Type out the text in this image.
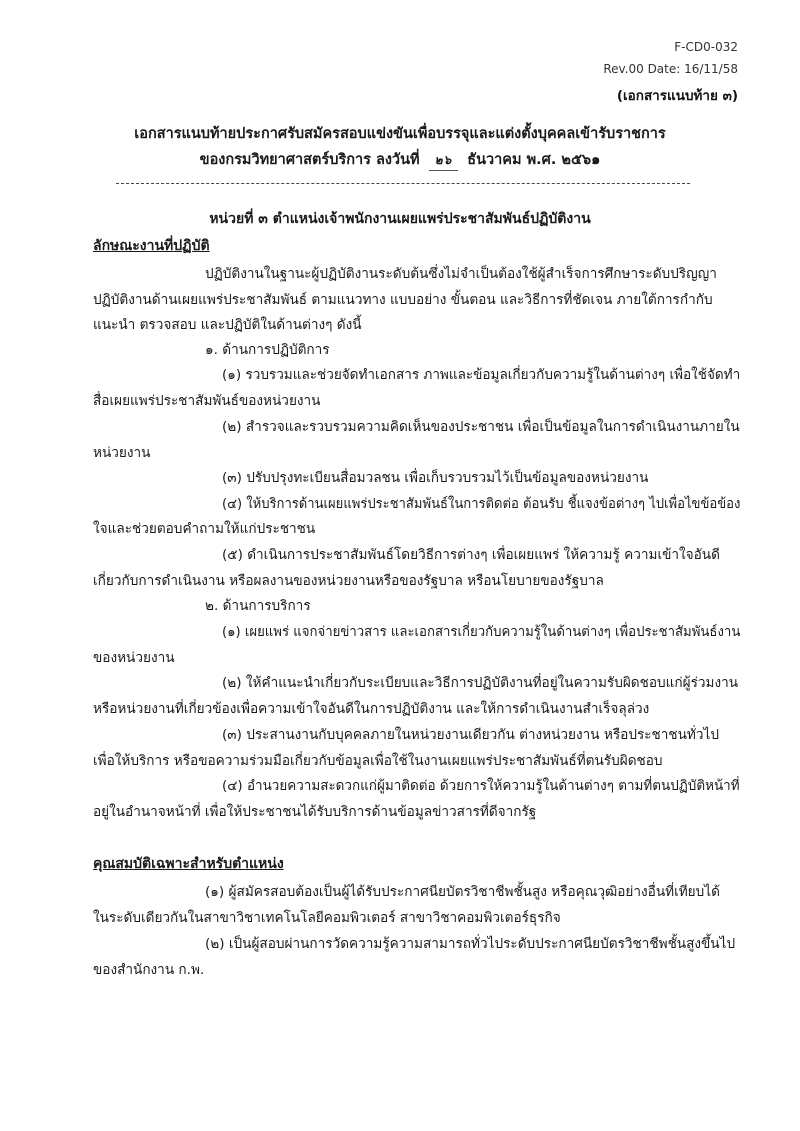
F-CD0-032
Rev.00 Date: 16/11/58
(เอกสารแนบท้าย ๓)
เอกสารแนบท้ายประกาศรับสมัครสอบแข่งขันเพื่อบรรจุและแต่งตั้งบุคคลเข้ารับราชการ
ของกรมวิทยาศาสตร์บริการ ลงวันที่ ๒๖ ธันวาคม พ.ศ. ๒๕๖๑
หน่วยที่ ๓ ตำแหน่งเจ้าพนักงานเผยแพร่ประชาสัมพันธ์ปฏิบัติงาน
ลักษณะงานที่ปฏิบัติ
ปฏิบัติงานในฐานะผู้ปฏิบัติงานระดับต้นซึ่งไม่จำเป็นต้องใช้ผู้สำเร็จการศึกษาระดับปริญญา
ปฏิบัติงานด้านเผยแพร่ประชาสัมพันธ์ ตามแนวทาง แบบอย่าง ขั้นตอน และวิธีการที่ชัดเจน ภายใต้การกำกับ
แนะนำ ตรวจสอบ และปฏิบัติในด้านต่างๆ ดังนี้
๑. ด้านการปฏิบัติการ
(๑) รวบรวมและช่วยจัดทำเอกสาร ภาพและข้อมูลเกี่ยวกับความรู้ในด้านต่างๆ เพื่อใช้จัดทำ
สื่อเผยแพร่ประชาสัมพันธ์ของหน่วยงาน
(๒) สำรวจและรวบรวมความคิดเห็นของประชาชน เพื่อเป็นข้อมูลในการดำเนินงานภายใน
หน่วยงาน
(๓) ปรับปรุงทะเบียนสื่อมวลชน เพื่อเก็บรวบรวมไว้เป็นข้อมูลของหน่วยงาน
(๔) ให้บริการด้านเผยแพร่ประชาสัมพันธ์ในการติดต่อ ต้อนรับ ชี้แจงข้อต่างๆ ไปเพื่อไขข้อข้อง
ใจและช่วยตอบคำถามให้แก่ประชาชน
(๕) ดำเนินการประชาสัมพันธ์โดยวิธีการต่างๆ เพื่อเผยแพร่ ให้ความรู้ ความเข้าใจอันดี
เกี่ยวกับการดำเนินงาน หรือผลงานของหน่วยงานหรือของรัฐบาล หรือนโยบายของรัฐบาล
๒. ด้านการบริการ
(๑) เผยแพร่ แจกจ่ายข่าวสาร และเอกสารเกี่ยวกับความรู้ในด้านต่างๆ เพื่อประชาสัมพันธ์งาน
ของหน่วยงาน
(๒) ให้คำแนะนำเกี่ยวกับระเบียบและวิธีการปฏิบัติงานที่อยู่ในความรับผิดชอบแก่ผู้ร่วมงาน
หรือหน่วยงานที่เกี่ยวข้องเพื่อความเข้าใจอันดีในการปฏิบัติงาน และให้การดำเนินงานสำเร็จลุล่วง
(๓) ประสานงานกับบุคคลภายในหน่วยงานเดียวกัน ต่างหน่วยงาน หรือประชาชนทั่วไป
เพื่อให้บริการ หรือขอความร่วมมือเกี่ยวกับข้อมูลเพื่อใช้ในงานเผยแพร่ประชาสัมพันธ์ที่ตนรับผิดชอบ
(๔) อำนวยความสะดวกแก่ผู้มาติดต่อ ด้วยการให้ความรู้ในด้านต่างๆ ตามที่ตนปฏิบัติหน้าที่
อยู่ในอำนาจหน้าที่ เพื่อให้ประชาชนได้รับบริการด้านข้อมูลข่าวสารที่ดีจากรัฐ
คุณสมบัติเฉพาะสำหรับตำแหน่ง
(๑) ผู้สมัครสอบต้องเป็นผู้ได้รับประกาศนียบัตรวิชาชีพชั้นสูง หรือคุณวุฒิอย่างอื่นที่เทียบได้
ในระดับเดียวกันในสาขาวิชาเทคโนโลยีคอมพิวเตอร์ สาขาวิชาคอมพิวเตอร์ธุรกิจ
(๒) เป็นผู้สอบผ่านการวัดความรู้ความสามารถทั่วไประดับประกาศนียบัตรวิชาชีพชั้นสูงขึ้นไป
ของสำนักงาน ก.พ.
